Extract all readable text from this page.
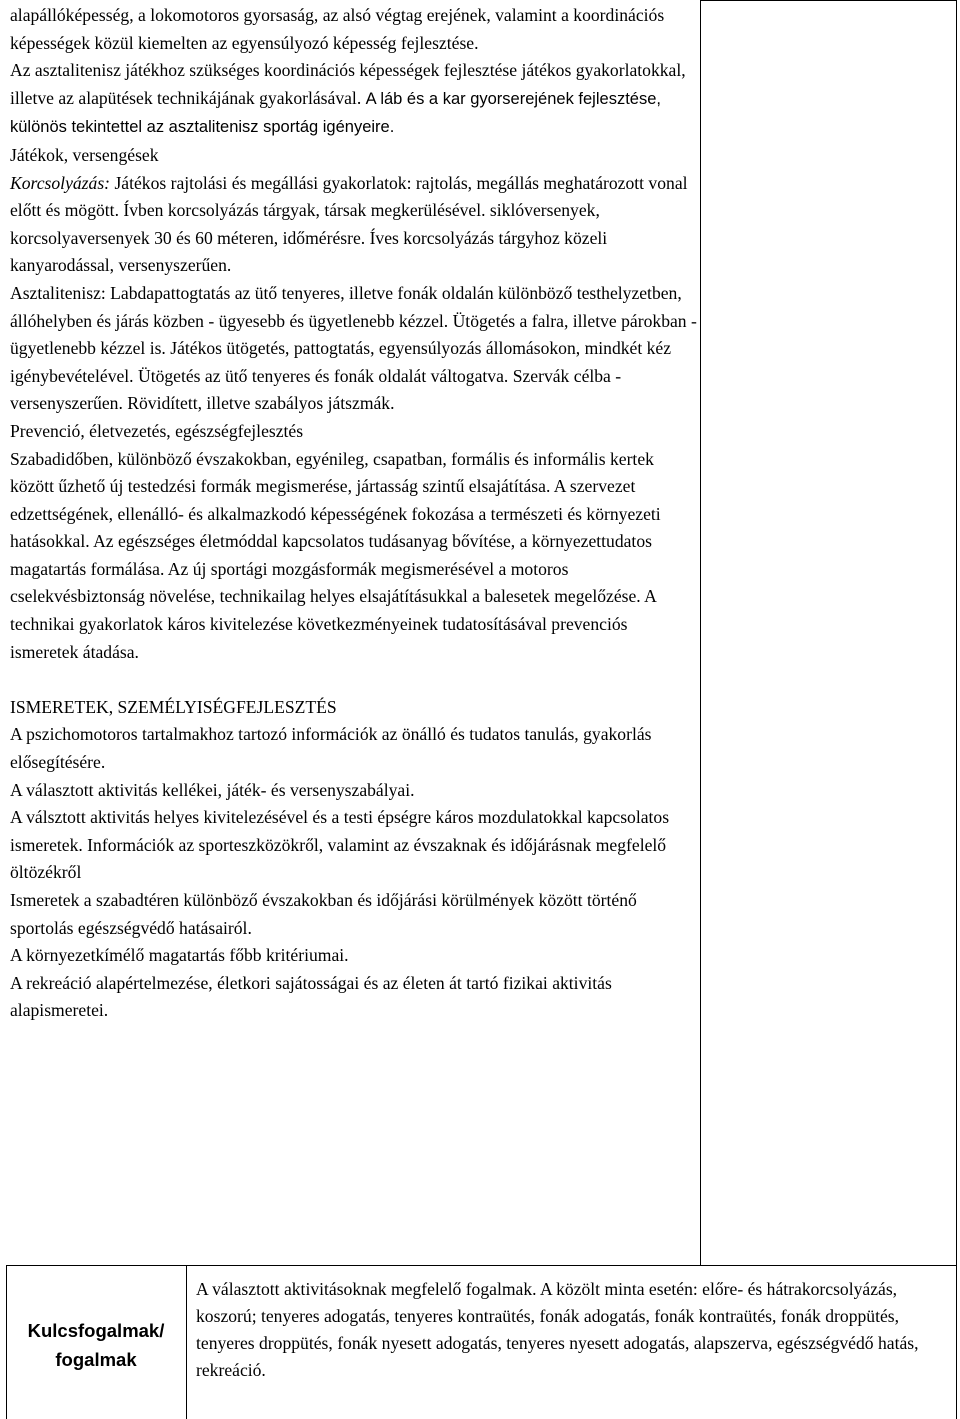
alapállóképesség, a lokomotoros gyorsaság, az alsó végtag erejének, valamint a koordinációs képességek közül kiemelten az egyensúlyozó képesség fejlesztése.

Az asztalitenisz játékhoz szükséges koordinációs képességek fejlesztése játékos gyakorlatokkal, illetve az alapütések technikájának gyakorlásával. A láb és a kar gyorserejének fejlesztése, különös tekintettel az asztalitenisz sportág igényeire.

Játékok, versengések

Korcsolyázás: Játékos rajtolási és megállási gyakorlatok: rajtolás, megállás meghatározott vonal előtt és mögött. Ívben korcsolyázás tárgyak, társak megkerülésével. siklóversenyek, korcsolyaversenyek 30 és 60 méteren, időmérésre. Íves korcsolyázás tárgyhoz közeli kanyarodással, versenyszerűen.

Asztalitenisz: Labdapattogtatás az ütő tenyeres, illetve fonák oldalán különböző testhelyzetben, állóhelyben és járás közben - ügyesebb és ügyetlenebb kézzel. Ütögetés a falra, illetve párokban - ügyetlenebb kézzel is. Játékos ütögetés, pattogtatás, egyensúlyozás állomásokon, mindkét kéz igénybevételével. Ütögetés az ütő tenyeres és fonák oldalát váltogatva. Szervák célba - versenyszerűen. Rövidített, illetve szabályos játszmák.

Prevenció, életvezetés, egészségfejlesztés

Szabadidőben, különböző évszakokban, egyénileg, csapatban, formális és informális kertek között űzhető új testedzési formák megismerése, jártasság szintű elsajátítása. A szervezet edzettségének, ellenálló- és alkalmazkodó képességének fokozása a természeti és környezeti hatásokkal. Az egészséges életmóddal kapcsolatos tudásanyag bővítése, a környezettudatos magatartás formálása. Az új sportági mozgásformák megismerésével a motoros cselekvésbiztonság növelése, technikailag helyes elsajátításukkal a balesetek megelőzése. A technikai gyakorlatok káros kivitelezése következményeinek tudatosításával prevenciós ismeretek átadása.

ISMERETEK, SZEMÉLYISÉGFEJLESZTÉS

A pszichomotoros tartalmakhoz tartozó információk az önálló és tudatos tanulás, gyakorlás elősegítésére.

A választott aktivitás kellékei, játék- és versenyszabályai.

A válsztott aktivitás helyes kivitelezésével és a testi épségre káros mozdulatokkal kapcsolatos ismeretek. Információk az sporteszközökről, valamint az évszaknak és időjárásnak megfelelő öltözékről

Ismeretek a szabadtéren különböző évszakokban és időjárási körülmények között történő sportolás egészségvédő hatásairól.

A környezetkímélő magatartás főbb kritériumai.

A rekreáció alapértelmezése, életkori sajátosságai és az életen át tartó fizikai aktivitás alapismeretei.

Kulcsfogalmak/ fogalmak
A választott aktivitásoknak megfelelő fogalmak. A közölt minta esetén: előre- és hátrakorcsolyázás, koszorú; tenyeres adogatás, tenyeres kontraütés, fonák adogatás, fonák kontraütés, fonák droppütés, tenyeres droppütés, fonák nyesett adogatás, tenyeres nyesett adogatás, alapszerva, egészségvédő hatás, rekreáció.
